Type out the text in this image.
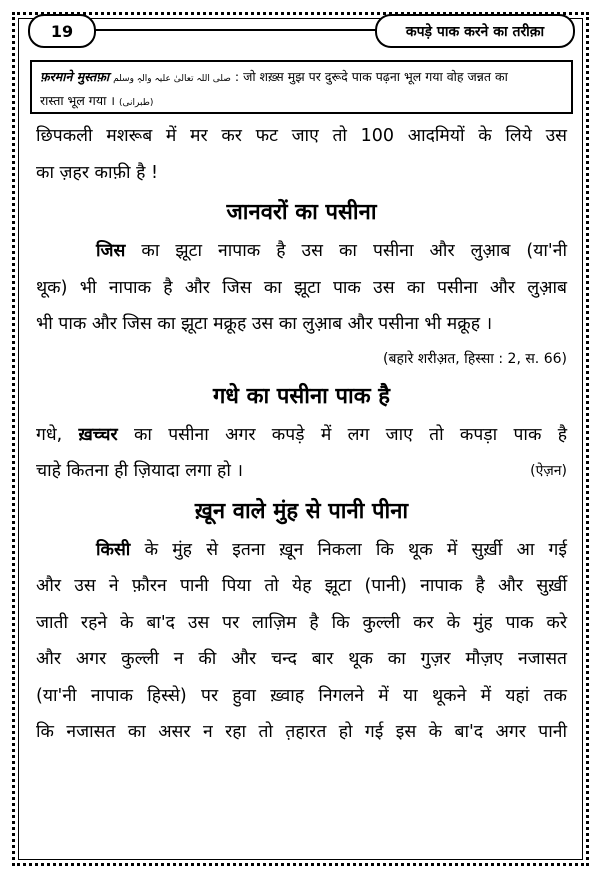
19	कपड़े पाक करने का तरीक़ा
फ़रमाने मुस्तफ़ा صلی اللہ تعالیٰ علیہ والہٖ وسلم : जो शख़्स मुझ पर दुरूदे पाक पढ़ना भूल गया वोह जन्नत का
रास्ता भूल गया । (طبرانی)

छिपकली मशरूब में मर कर फट जाए तो 100 आदमियों के लिये उस

का ज़हर काफ़ी है !

जानवरों का पसीना

जिस का झूटा नापाक है उस का पसीना और लुआ़ब (या'नी

थूक) भी नापाक है और जिस का झूटा पाक उस का पसीना और लुआ़ब

भी पाक और जिस का झूटा मक्रूह उस का लुआ़ब और पसीना भी मक्रूह ।

(बहारे शरीअ़त, हिस्सा : 2, स. 66)
गधे का पसीना पाक है

गधे, ख़च्चर का पसीना अगर कपड़े में लग जाए तो कपड़ा पाक है

चाहे कितना ही ज़ियादा लगा हो ।	(ऐज़न)
ख़ून वाले मुंह से पानी पीना

किसी के मुंह से इतना ख़ून निकला कि थूक में सुर्ख़ी आ गई

और उस ने फ़ौरन पानी पिया तो येह झूटा (पानी) नापाक है और सुर्ख़ी

जाती रहने के बा'द उस पर लाज़िम है कि कुल्ली कर के मुंह पाक करे

और अगर कुल्ली न की और चन्द बार थूक का गुज़र मौज़ए नजासत

(या'नी नापाक हिस्से) पर हुवा ख़्वाह निगलने में या थूकने में यहां तक

कि नजासत का असर न रहा तो त़हारत हो गई इस के बा'द अगर पानी
